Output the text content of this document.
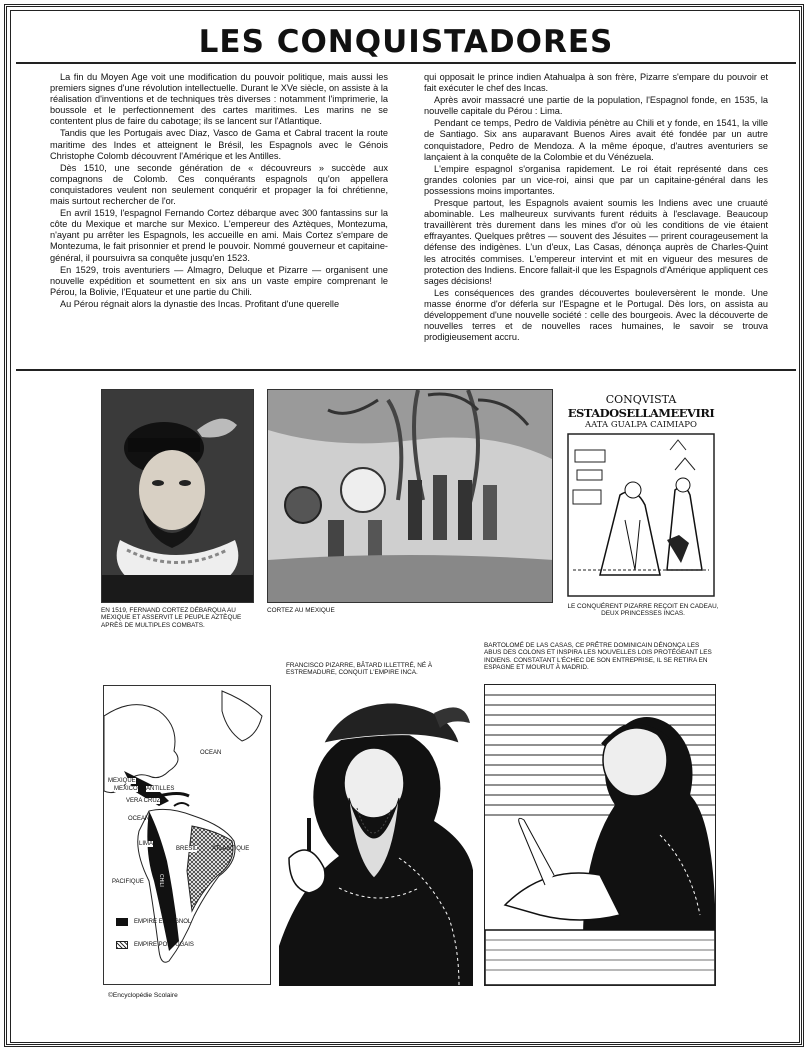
LES CONQUISTADORES

La fin du Moyen Age voit une modification du pouvoir politique, mais aussi les premiers signes d'une révolution intellectuelle. Durant le XVe siècle, on assiste à la réalisation d'inventions et de techniques très diverses : notamment l'imprimerie, la boussole et le perfectionnement des cartes maritimes. Les marins ne se contentent plus de faire du cabotage; ils se lancent sur l'Atlantique.

Tandis que les Portugais avec Diaz, Vasco de Gama et Cabral tracent la route maritime des Indes et atteignent le Brésil, les Espagnols avec le Génois Christophe Colomb découvrent l'Amérique et les Antilles.

Dès 1510, une seconde génération de « découvreurs » succède aux compagnons de Colomb. Ces conquérants espagnols qu'on appellera conquistadores veulent non seulement conquérir et propager la foi chrétienne, mais surtout rechercher de l'or.

En avril 1519, l'espagnol Fernando Cortez débarque avec 300 fantassins sur la côte du Mexique et marche sur Mexico. L'empereur des Aztèques, Montezuma, n'ayant pu arrêter les Espagnols, les accueille en ami. Mais Cortez s'empare de Montezuma, le fait prisonnier et prend le pouvoir. Nommé gouverneur et capitaine-général, il poursuivra sa conquête jusqu'en 1523.

En 1529, trois aventuriers — Almagro, Deluque et Pizarre — organisent une nouvelle expédition et soumettent en six ans un vaste empire comprenant le Pérou, la Bolivie, l'Equateur et une partie du Chili.

Au Pérou régnait alors la dynastie des Incas. Profitant d'une querelle

qui opposait le prince indien Atahualpa à son frère, Pizarre s'empare du pouvoir et fait exécuter le chef des Incas.

Après avoir massacré une partie de la population, l'Espagnol fonde, en 1535, la nouvelle capitale du Pérou : Lima.

Pendant ce temps, Pedro de Valdivia pénètre au Chili et y fonde, en 1541, la ville de Santiago. Six ans auparavant Buenos Aires avait été fondée par un autre conquistadore, Pedro de Mendoza. A la même époque, d'autres aventuriers se lançaient à la conquête de la Colombie et du Vénézuela.

L'empire espagnol s'organisa rapidement. Le roi était représenté dans ces grandes colonies par un vice-roi, ainsi que par un capitaine-général dans les possessions moins importantes.

Presque partout, les Espagnols avaient soumis les Indiens avec une cruauté abominable. Les malheureux survivants furent réduits à l'esclavage. Beaucoup travaillèrent très durement dans les mines d'or où les conditions de vie étaient effrayantes. Quelques prêtres — souvent des Jésuites — prirent courageusement la défense des indigènes. L'un d'eux, Las Casas, dénonça auprès de Charles-Quint les atrocités commises. L'empereur intervint et mit en vigueur des mesures de protection des Indiens. Encore fallait-il que les Espagnols d'Amérique appliquent ces sages décisions!

Les conséquences des grandes découvertes bouleversèrent le monde. Une masse énorme d'or déferla sur l'Espagne et le Portugal. Dès lors, on assista au développement d'une nouvelle société : celle des bourgeois. Avec la découverte de nouvelles terres et de nouvelles races humaines, le savoir se trouva prodigieusement accru.

EN 1519, FERNAND CORTEZ DÉBARQUA AU MEXIQUE ET ASSERVIT LE PEUPLE AZTÈQUE APRÈS DE MULTIPLES COMBATS.
CORTEZ AU MEXIQUE
CONQVISTA
ESTADOSELLAMEEVIRI
AATA GUALPA CAIMIAPO
LE CONQUÉRENT PIZARRE REÇOIT EN CADEAU, DEUX PRINCESSES INCAS.
OCEAN
MEXIQUE
MEXICO ANTILLES
VERA CRUZ
OCEAN
BRESIL ATLANTIQUE
LIMA
PACIFIQUE	CHILI
EMPIRE ESPAGNOL
EMPIRE PORTUGAIS
©Encyclopédie Scolaire
FRANCISCO PIZARRE, BÂTARD ILLETTRÉ, NÉ À ESTREMADURE, CONQUIT L'EMPIRE INCA.
BARTOLOMÉ DE LAS CASAS, CE PRÊTRE DOMINICAIN DÉNONÇA LES ABUS DES COLONS ET INSPIRA LES NOUVELLES LOIS PROTÉGEANT LES INDIENS. CONSTATANT L'ÉCHEC DE SON ENTREPRISE, IL SE RETIRA EN ESPAGNE ET MOURUT À MADRID.
